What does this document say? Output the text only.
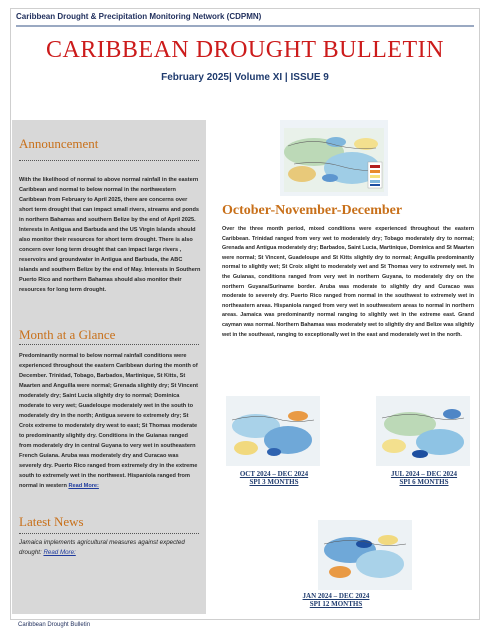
Caribbean Drought & Precipitation Monitoring Network (CDPMN)
CARIBBEAN DROUGHT BULLETIN
February 2025| Volume XI | ISSUE 9
Announcement
With the likelihood of normal to above normal rainfall in the eastern Caribbean and normal to below normal in the northwestern Caribbean from February to April 2025, there are concerns over short term drought that can impact small rivers, streams and ponds in northern Bahamas and southern Belize by the end of April 2025. Interests in Antigua and Barbuda and the US Virgin Islands should also monitor their resources for short term drought. There is also concern over long term drought that can impact large rivers , reservoirs and groundwater in Antigua and Barbuda, the ABC islands and southern Belize by the end of May. Interests in Southern Puerto Rico and northern Bahamas should also monitor their resources for long term drought.
Month at a Glance
Predominantly normal to below normal rainfall conditions were experienced throughout the eastern Caribbean during the month of December. Trinidad, Tobago, Barbados, Martinique, St Kitts, St Maarten and Anguilla were normal; Grenada slightly dry; St Vincent moderately dry; Saint Lucia slightly dry to normal; Dominica moderate to very wet; Guadeloupe moderately wet in the south to moderately dry in the north; Antigua severe to extremely dry; St Croix extreme to moderately dry west to east; St Thomas moderate to predominantly slightly dry. Conditions in the Guianas ranged from moderately dry in central Guyana to very wet in southeastern French Guiana. Aruba was moderately dry and Curacao was severely dry. Puerto Rico ranged from extremely dry in the extreme south to extremely wet in the northwest. Hispaniola ranged from normal in western Read More:
Latest News
Jamaica implements agricultural measures against expected drought: Read More:
October-November-December
Over the three month period, mixed conditions were experienced throughout the eastern Caribbean. Trinidad ranged from very wet to moderately dry; Tobago moderately dry to normal; Grenada and Antigua moderately dry; Barbados, Saint Lucia, Martinique, Dominica and St Maarten were normal; St Vincent, Guadeloupe and St Kitts slightly dry to normal; Anguilla predominantly normal to slightly wet; St Croix slight to moderately wet and St Thomas very to extremely wet. In the Guianas, conditions ranged from very wet in northern Guyana, to moderately dry on the northern Guyana/Suriname border. Aruba was moderate to slightly dry and Curacao was moderate to severely dry. Puerto Rico ranged from normal in the southwest to extremely wet in northeastern areas. Hispaniola ranged from very wet in southwestern areas to normal in northern areas. Jamaica was predominantly normal ranging to slightly wet in the extreme east. Grand cayman was normal. Northern Bahamas was moderately wet to slightly dry and Belize was slightly wet in the southeast, ranging to exceptionally wet in the east and moderately wet in the north.
OCT 2024 – DEC 2024
SPI 3 MONTHS
JUL 2024 – DEC 2024
SPI 6 MONTHS
JAN 2024 – DEC 2024
SPI 12 MONTHS
Caribbean Drought Bulletin
